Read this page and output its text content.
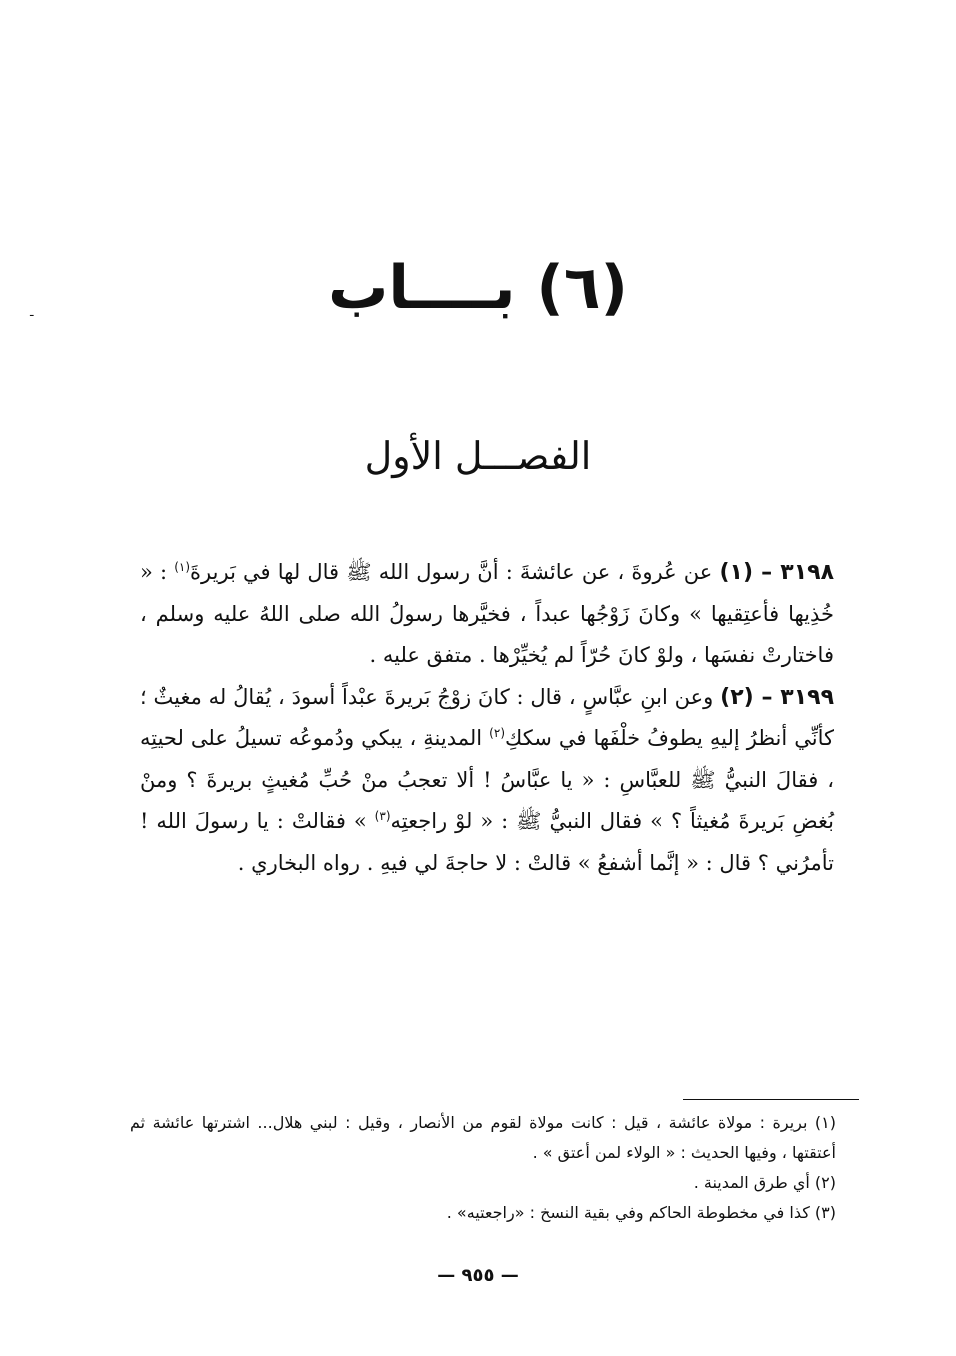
ـ	(٦) بــــاب
الفصـــل الأول

٣١٩٨ – (١) عن عُروةَ ، عن عائشةَ : أنَّ رسول الله ﷺ قال لها في بَريرةَ$^{(١)}$ : « خُذِيها فأعتِقيها » وكانَ زَوْجُها عبداً ، فخيَّرها رسولُ الله صلى اللهُ عليه وسلم ، فاختارتْ نفسَها ، ولوْ كانَ حُرّاً لم يُخيِّرْها . متفق عليه .

٣١٩٩ – (٢) وعن ابنِ عبَّاسٍ ، قال : كانَ زوْجُ بَريرةَ عبْداً أسودَ ، يُقالُ له مغيثٌ ؛ كأنِّي أنظرُ إليهِ يطوفُ خلْفَها في سككِ$^{(٢)}$ المدينةِ ، يبكي ودُموعُه تسيلُ على لحيتِه ، فقالَ النبيُّ ﷺ للعبَّاسِ : « يا عبَّاسُ ! ألا تعجبُ منْ حُبِّ مُغيثٍ بريرةَ ؟ ومنْ بُغضِ بَريرةَ مُغيثاً ؟ » فقال النبيُّ ﷺ : « لوْ راجعتِه$^{(٣)}$ » فقالتْ : يا رسولَ الله ! تأمرُني ؟ قال : « إنَّما أشفعُ » قالتْ : لا حاجةَ لي فيهِ . رواه البخاري .

(١) بريرة : مولاة عائشة ، قيل : كانت مولاة لقوم من الأنصار ، وقيل : لبني هلال... اشترتها عائشة ثم أعتقتها ، وفيها الحديث : « الولاء لمن أعتق » .

(٢) أي طرق المدينة .

(٣) كذا في مخطوطة الحاكم وفي بقية النسخ : «راجعتيه» .

— ٩٥٥ —
